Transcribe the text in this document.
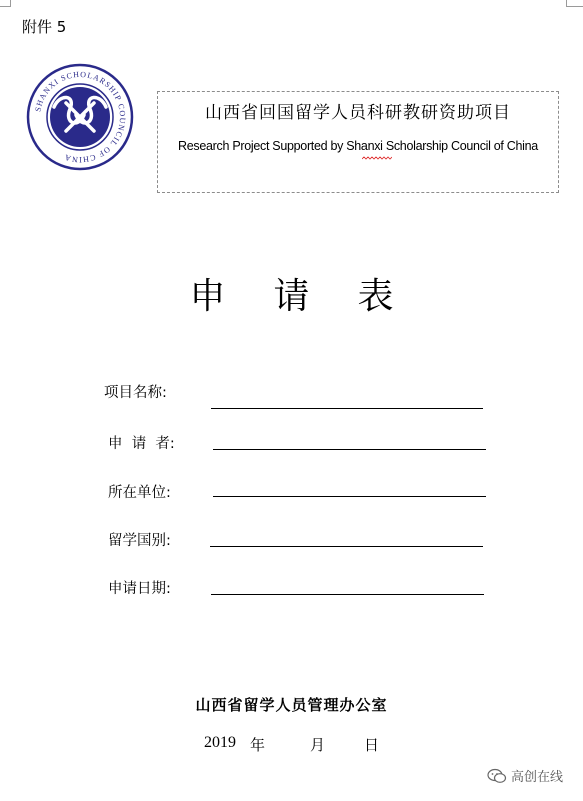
附件 5
SHANXI SCHOLARSHIP COUNCIL OF CHINA
山西省回国留学人员科研教研资助项目
Research Project Supported by Shanxi Scholarship Council of China
申请表
项目名称:
申  请  者:
所在单位:
留学国别:
申请日期:
山西省留学人员管理办公室
2019 年	月	日
高创在线
